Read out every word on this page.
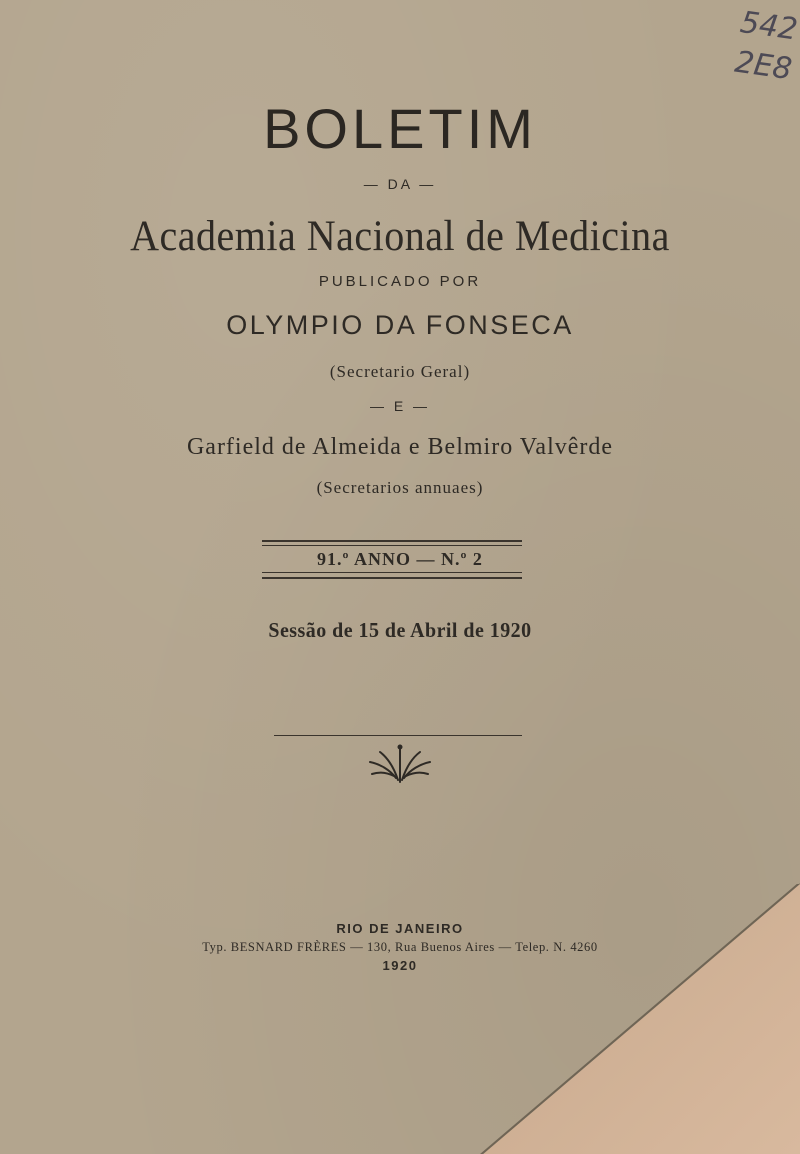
542
2E8
BOLETIM
— DA —
Academia Nacional de Medicina
PUBLICADO POR
OLYMPIO DA FONSECA
(Secretario Geral)
— E —
Garfield de Almeida e Belmiro Valvêrde
(Secretarios annuaes)
91.º ANNO — N.º 2
Sessão de 15 de Abril de 1920
RIO DE JANEIRO
Typ. BESNARD FRÈRES — 130, Rua Buenos Aires — Telep. N. 4260
1920
